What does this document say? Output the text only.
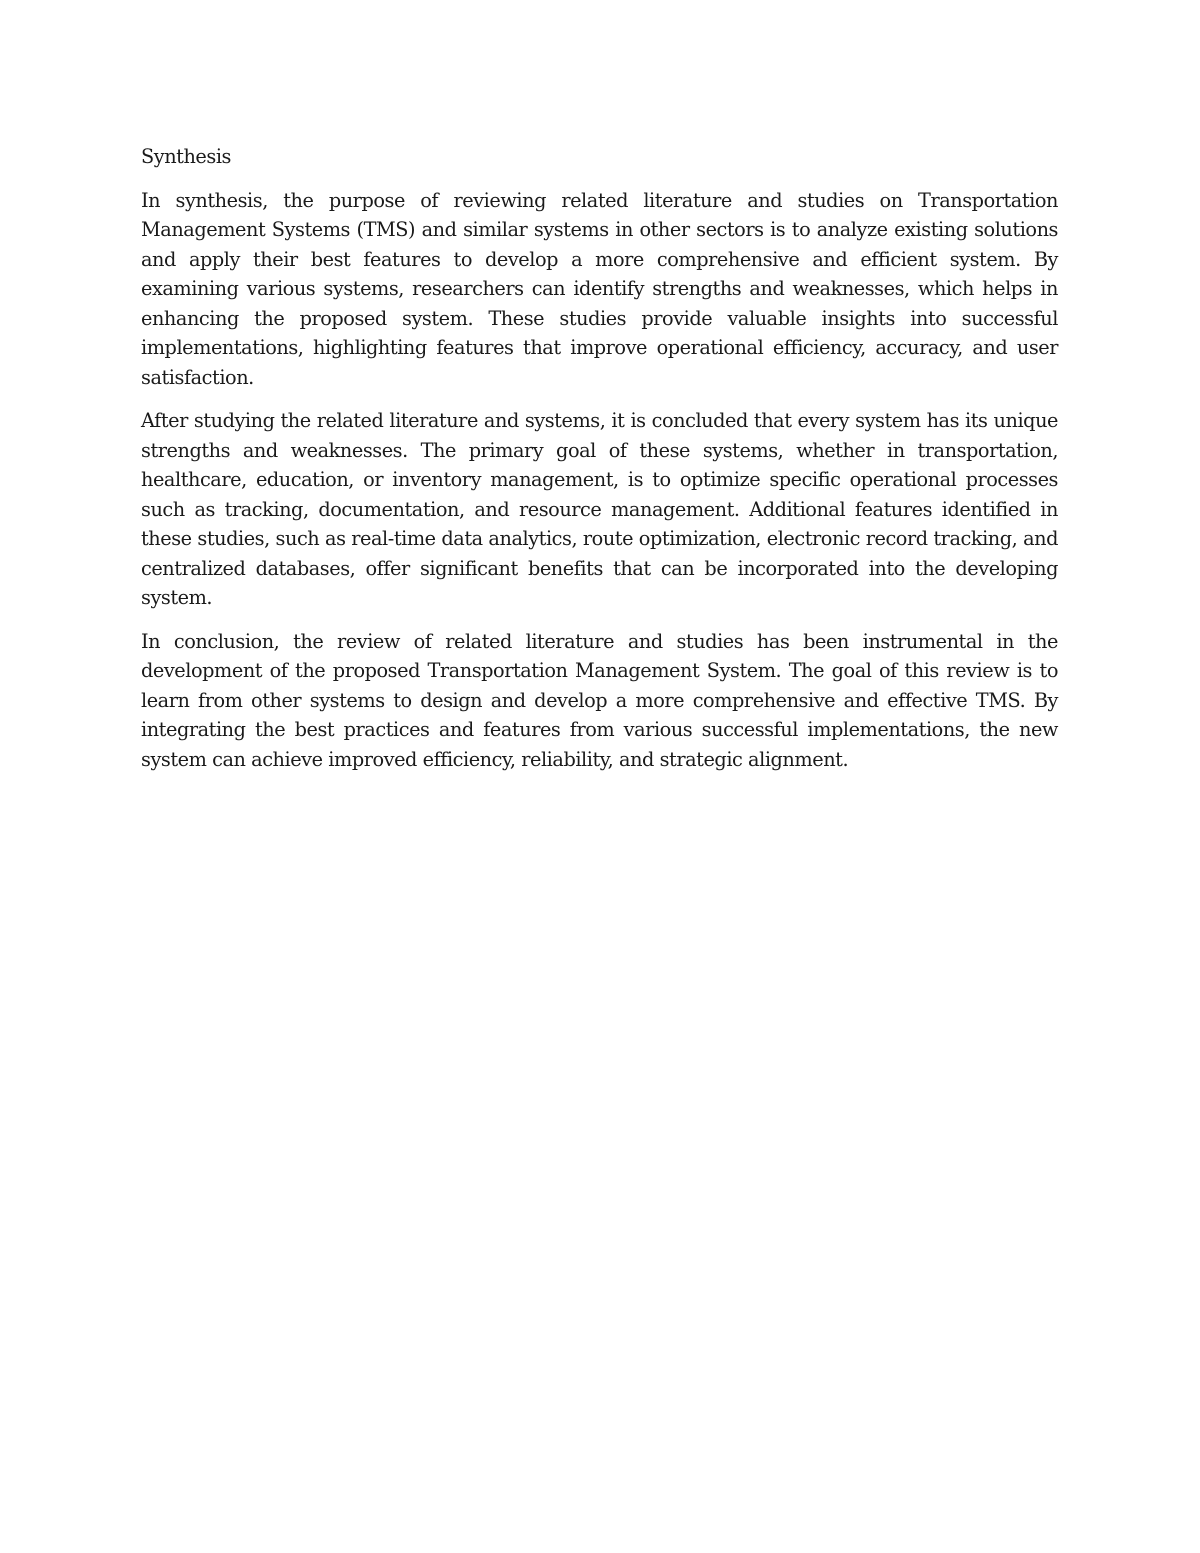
Synthesis

In synthesis, the purpose of reviewing related literature and studies on Transportation Management Systems (TMS) and similar systems in other sectors is to analyze existing solutions and apply their best features to develop a more comprehensive and efficient system. By examining various systems, researchers can identify strengths and weaknesses, which helps in enhancing the proposed system. These studies provide valuable insights into successful implementations, highlighting features that improve operational efficiency, accuracy, and user satisfaction.

After studying the related literature and systems, it is concluded that every system has its unique strengths and weaknesses. The primary goal of these systems, whether in transportation, healthcare, education, or inventory management, is to optimize specific operational processes such as tracking, documentation, and resource management. Additional features identified in these studies, such as real-time data analytics, route optimization, electronic record tracking, and centralized databases, offer significant benefits that can be incorporated into the developing system.

In conclusion, the review of related literature and studies has been instrumental in the development of the proposed Transportation Management System. The goal of this review is to learn from other systems to design and develop a more comprehensive and effective TMS. By integrating the best practices and features from various successful implementations, the new system can achieve improved efficiency, reliability, and strategic alignment.
